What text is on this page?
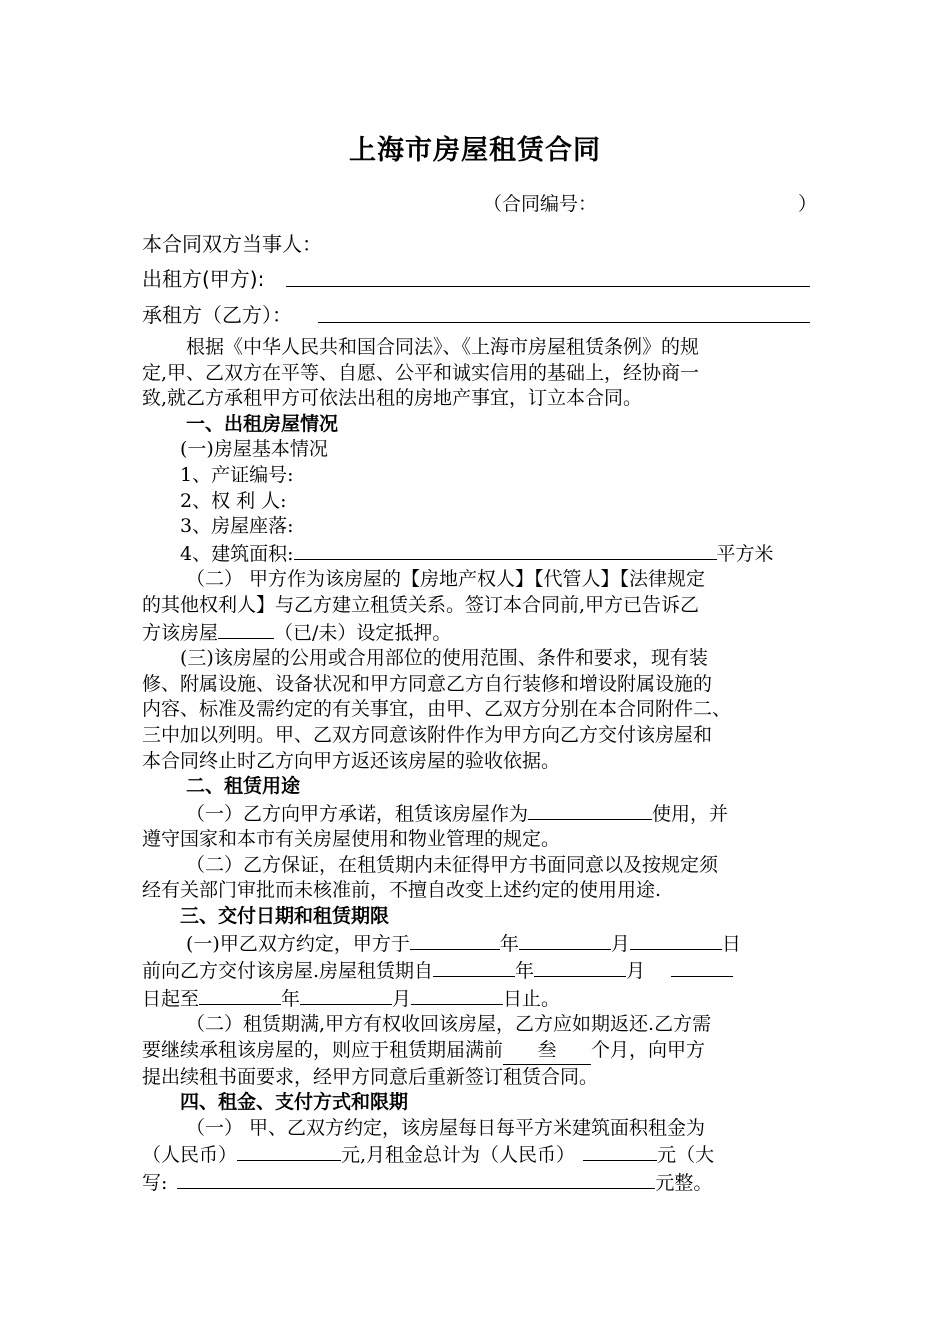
上海市房屋租赁合同
（合同编号：	）
本合同双方当事人：
出租方(甲方):
承租方（乙方）：

根据《中华人民共和国合同法》、《上海市房屋租赁条例》的规

定,甲、乙双方在平等、自愿、公平和诚实信用的基础上，经协商一

致,就乙方承租甲方可依法出租的房地产事宜，订立本合同。

一、出租房屋情况

(一)房屋基本情况

1、产证编号:

2、权 利 人:

3、房屋座落:

4、建筑面积:	平方米

（二） 甲方作为该房屋的【房地产权人】【代管人】【法律规定

的其他权利人】与乙方建立租赁关系。签订本合同前,甲方已告诉乙

方该房屋	（已/未）设定抵押。

(三)该房屋的公用或合用部位的使用范围、条件和要求，现有装

修、附属设施、设备状况和甲方同意乙方自行装修和增设附属设施的

内容、标准及需约定的有关事宜，由甲、乙双方分别在本合同附件二、

三中加以列明。甲、乙双方同意该附件作为甲方向乙方交付该房屋和

本合同终止时乙方向甲方返还该房屋的验收依据。

二、租赁用途

（一）乙方向甲方承诺，租赁该房屋作为	使用，并

遵守国家和本市有关房屋使用和物业管理的规定。

（二）乙方保证，在租赁期内未征得甲方书面同意以及按规定须

经有关部门审批而未核准前，不擅自改变上述约定的使用用途.

三、交付日期和租赁期限

(一)甲乙双方约定，甲方于	年	月	日

前向乙方交付该房屋.房屋租赁期自	年	月

日起至	年	月	日止。

（二）租赁期满,甲方有权收回该房屋，乙方应如期返还.乙方需

要继续承租该房屋的，则应于租赁期届满前 叁 个月，向甲方

提出续租书面要求，经甲方同意后重新签订租赁合同。

四、租金、支付方式和限期

（一） 甲、乙双方约定，该房屋每日每平方米建筑面积租金为

（人民币）	元,月租金总计为（人民币）	元（大

写:	元整。
